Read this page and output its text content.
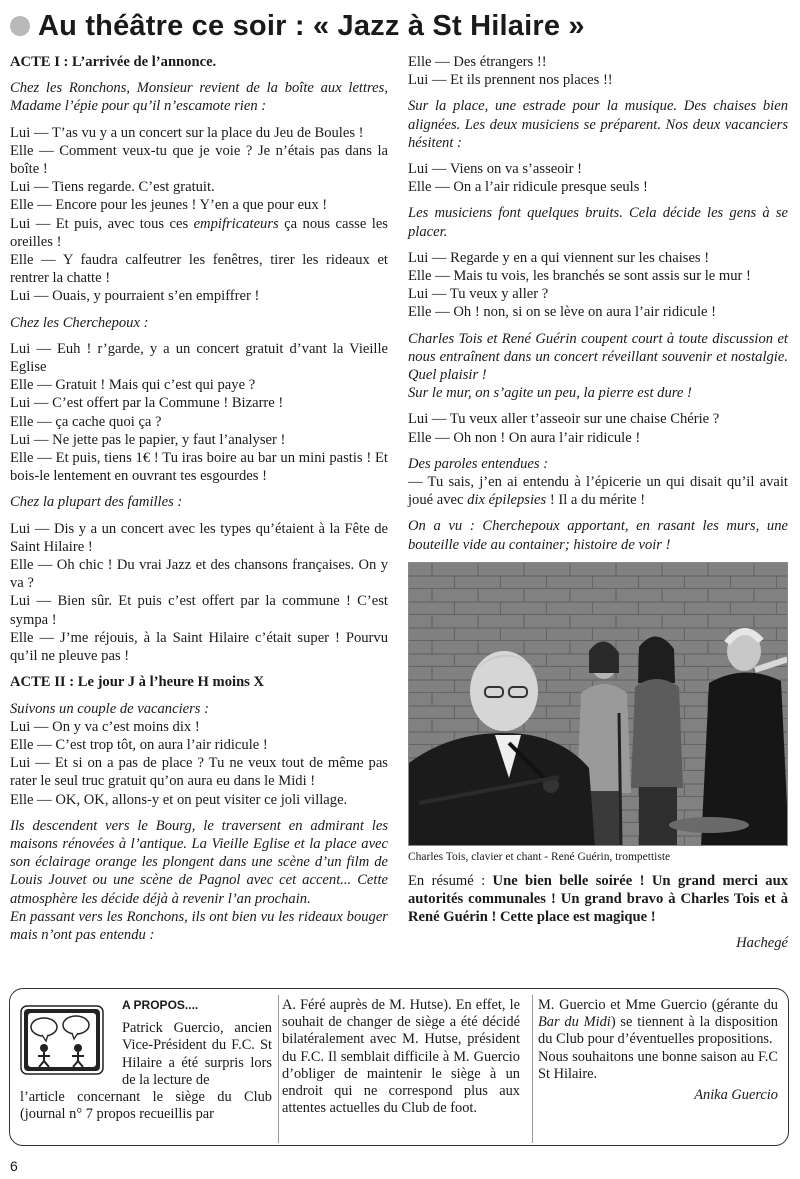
Au théâtre ce soir : « Jazz à St Hilaire »

ACTE I : L’arrivée de l’annonce.

Chez les Ronchons, Monsieur revient de la boîte aux lettres, Madame l’épie pour qu’il n’escamote rien :

Lui — T’as vu y a un concert sur la place du Jeu de Boules !
Elle — Comment veux-tu que je voie ? Je n’étais pas dans la boîte !
Lui — Tiens regarde. C’est gratuit.
Elle — Encore pour les jeunes ! Y’en a que pour eux !
Lui — Et puis, avec tous ces empifricateurs ça nous casse les oreilles !
Elle — Y faudra calfeutrer les fenêtres, tirer les rideaux et rentrer la chatte !
Lui — Ouais, y pourraient s’en empiffrer !

Chez les Cherchepoux :

Lui — Euh ! r’garde, y a un concert gratuit d’vant la Vieille Eglise
Elle — Gratuit ! Mais qui c’est qui paye ?
Lui — C’est offert par la Commune ! Bizarre !
Elle — ça cache quoi ça ?
Lui — Ne jette pas le papier, y faut l’analyser !
Elle — Et puis, tiens 1€ ! Tu iras boire au bar un mini pastis ! Et bois-le lentement en ouvrant tes esgourdes !

Chez la plupart des familles :

Lui — Dis y a un concert avec les types qu’étaient à la Fête de Saint Hilaire !
Elle — Oh chic ! Du vrai Jazz et des chansons françaises. On y va ?
Lui — Bien sûr. Et puis c’est offert par la commune ! C’est sympa !
Elle — J’me réjouis, à la Saint Hilaire c’était super ! Pourvu qu’il ne pleuve pas !

ACTE II : Le jour J à l’heure H moins X

Suivons un couple de vacanciers :

Lui — On y va c’est moins dix !
Elle — C’est trop tôt, on aura l’air ridicule !
Lui — Et si on a pas de place ? Tu ne veux tout de même pas rater le seul truc gratuit qu’on aura eu dans le Midi !
Elle — OK, OK, allons-y et on peut visiter ce joli village.

Ils descendent vers le Bourg, le traversent en admirant les maisons rénovées à l’antique. La Vieille Eglise et la place avec son éclairage orange les plongent dans une scène d’un film de Louis Jouvet ou une scène de Pagnol avec cet accent... Cette atmosphère les décide déjà à revenir l’an prochain.

En passant vers les Ronchons, ils ont bien vu les rideaux bouger mais n’ont pas entendu :

Elle — Des étrangers !!
Lui — Et ils prennent nos places !!

Sur la place, une estrade pour la musique. Des chaises bien alignées. Les deux musiciens se préparent. Nos deux vacanciers hésitent :

Lui — Viens on va s’asseoir !
Elle — On a l’air ridicule presque seuls !

Les musiciens font quelques bruits. Cela décide les gens à se placer.

Lui — Regarde y en a qui viennent sur les chaises !
Elle — Mais tu vois, les branchés se sont assis sur le mur !
Lui — Tu veux y aller ?
Elle — Oh ! non, si on se lève on aura l’air ridicule !

Charles Tois et René Guérin coupent court à toute discussion et nous entraînent dans un concert réveillant souvenir et nostalgie. Quel plaisir !
Sur le mur, on s’agite un peu, la pierre est dure !

Lui — Tu veux aller t’asseoir sur une chaise Chérie ?
Elle — Oh non ! On aura l’air ridicule !

Des paroles entendues :
— Tu sais, j’en ai entendu à l’épicerie un qui disait qu’il avait joué avec dix épilepsies ! Il a du mérite !

On a vu : Cherchepoux apportant, en rasant les murs, une bouteille vide au container; histoire de voir !

Charles Tois, clavier et chant - René Guérin, trompettiste

En résumé : Une bien belle soirée ! Un grand merci aux autorités communales ! Un grand bravo à Charles Tois et à René Guérin ! Cette place est magique !

Hachegé
A PROPOS....
Patrick Guercio, ancien Vice-Président du F.C. St Hilaire a été surpris lors de la lecture de
l’article concernant le siège du Club (journal n° 7 propos recueillis par
A. Féré auprès de M. Hutse). En effet, le souhait de changer de siège a été décidé bilatéralement avec M. Hutse, président du F.C. Il semblait difficile à M. Guercio d’obliger de maintenir le siège à un endroit qui ne correspond plus aux attentes actuelles du Club de foot.
M. Guercio et Mme Guercio (gérante du Bar du Midi) se tiennent à la disposition du Club pour d’éventuelles propositions.
Nous souhaitons une bonne saison au F.C St Hilaire.
Anika Guercio
6
